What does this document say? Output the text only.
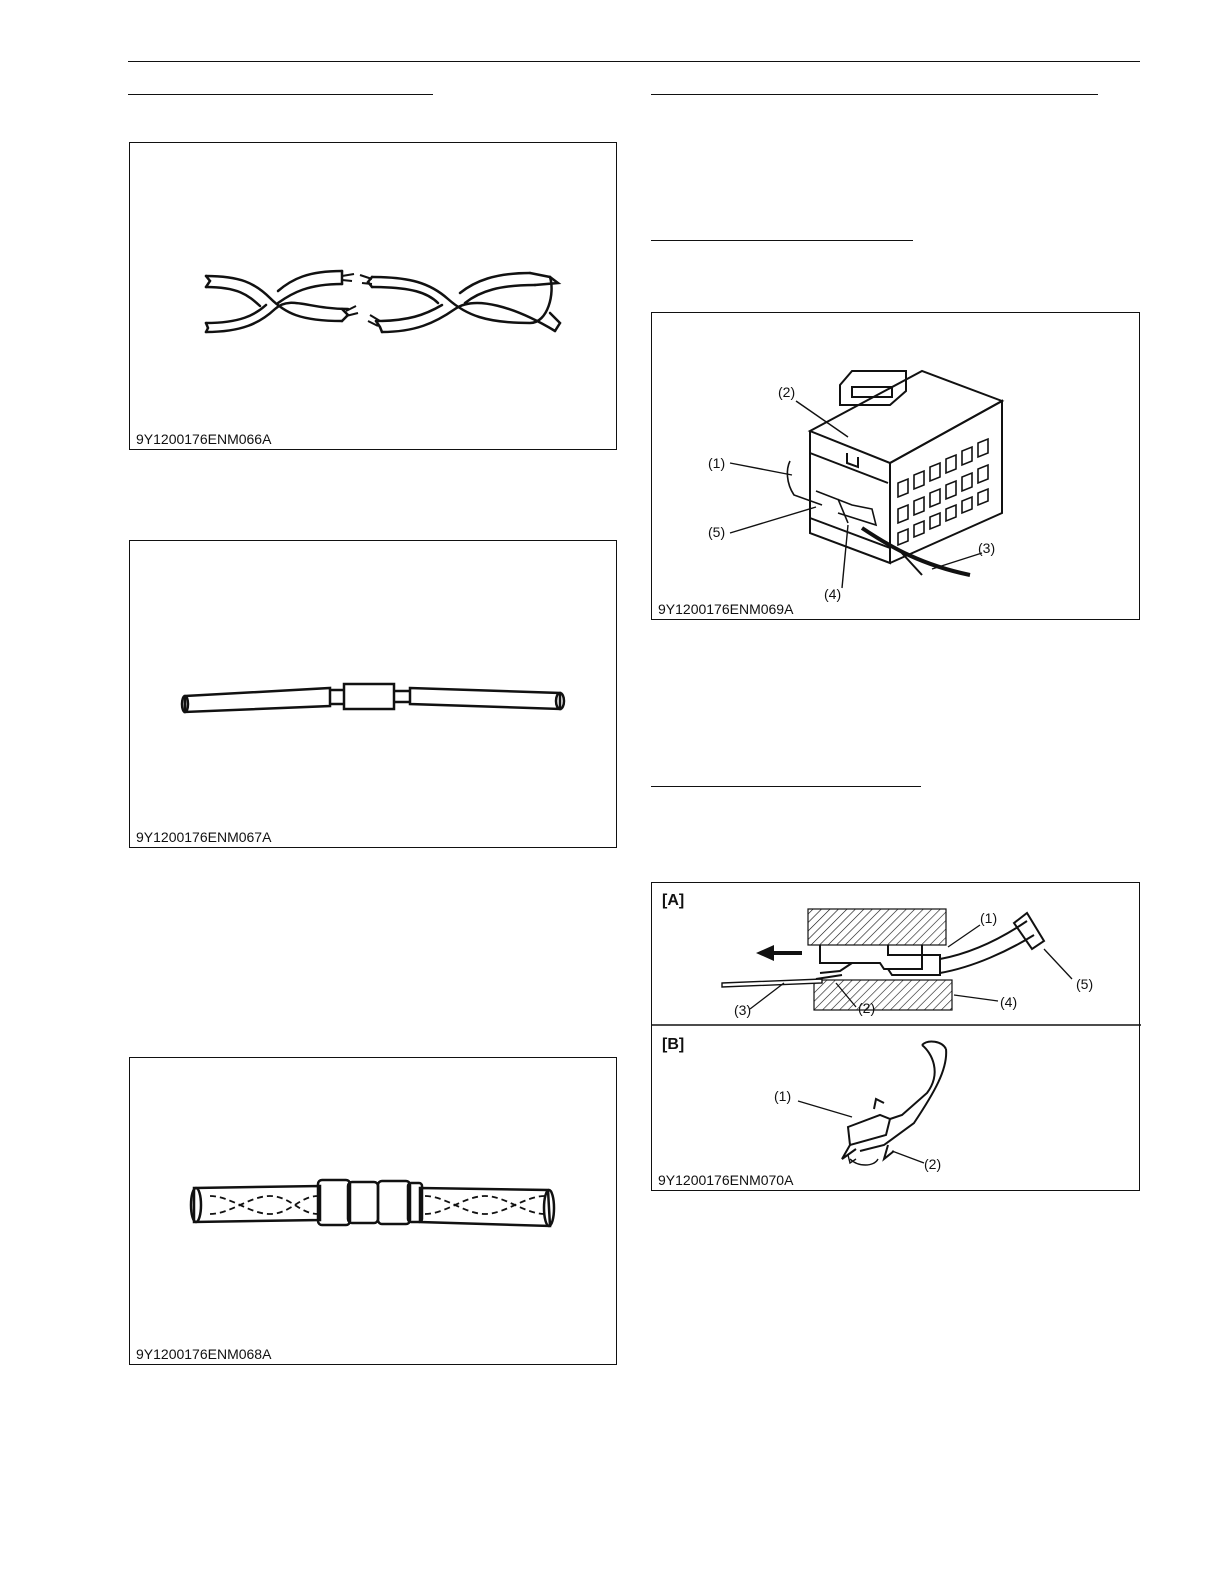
9Y1200176ENM066A
9Y1200176ENM067A
9Y1200176ENM068A
(2)
(1)
(5)
(4)
(3)
9Y1200176ENM069A
[A]
[B]
(1)
(2)
(3)	(4)
(5)
(1)
(2)
9Y1200176ENM070A
